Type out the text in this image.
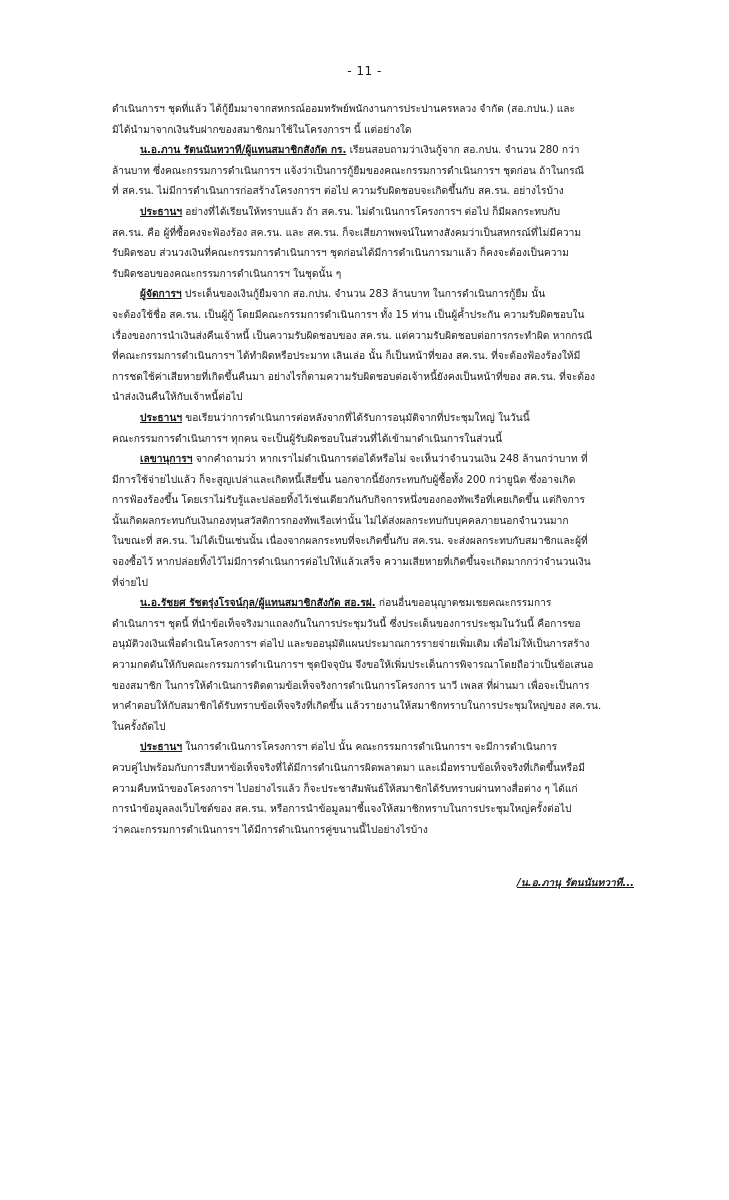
- 11 -
ดำเนินการฯ ชุดที่แล้ว ได้กู้ยืมมาจากสหกรณ์ออมทรัพย์พนักงานการประปานครหลวง จำกัด (สอ.กปน.) และ
มิได้นำมาจากเงินรับฝากของสมาชิกมาใช้ในโครงการฯ นี้ แต่อย่างใด
น.อ.ภาน รัตนนันทวาที/ผู้แทนสมาชิกสังกัด กร. เรียนสอบถามว่าเงินกู้จาก สอ.กปน. จำนวน 280 กว่า
ล้านบาท ซึ่งคณะกรรมการดำเนินการฯ แจ้งว่าเป็นการกู้ยืมของคณะกรรมการดำเนินการฯ ชุดก่อน ถ้าในกรณี
ที่ สค.รน. ไม่มีการดำเนินการก่อสร้างโครงการฯ ต่อไป ความรับผิดชอบจะเกิดขึ้นกับ สค.รน. อย่างไรบ้าง
ประธานฯ อย่างที่ได้เรียนให้ทราบแล้ว ถ้า สค.รน. ไม่ดำเนินการโครงการฯ ต่อไป ก็มีผลกระทบกับ
สค.รน. คือ ผู้ที่ซื้อคงจะฟ้องร้อง สค.รน. และ สค.รน. ก็จะเสียภาพพจน์ในทางสังคมว่าเป็นสหกรณ์ที่ไม่มีความ
รับผิดชอบ ส่วนวงเงินที่คณะกรรมการดำเนินการฯ ชุดก่อนได้มีการดำเนินการมาแล้ว ก็คงจะต้องเป็นความ
รับผิดชอบของคณะกรรมการดำเนินการฯ ในชุดนั้น ๆ
ผู้จัดการฯ ประเด็นของเงินกู้ยืมจาก สอ.กปน. จำนวน 283 ล้านบาท ในการดำเนินการกู้ยืม นั้น
จะต้องใช้ชื่อ สค.รน. เป็นผู้กู้ โดยมีคณะกรรมการดำเนินการฯ ทั้ง 15 ท่าน เป็นผู้ค้ำประกัน ความรับผิดชอบใน
เรื่องของการนำเงินส่งคืนเจ้าหนี้ เป็นความรับผิดชอบของ สค.รน. แต่ความรับผิดชอบต่อการกระทำผิด หากกรณี
ที่คณะกรรมการดำเนินการฯ ได้ทำผิดหรือประมาท เลินเล่อ นั้น ก็เป็นหน้าที่ของ สค.รน. ที่จะต้องฟ้องร้องให้มี
การชดใช้ค่าเสียหายที่เกิดขึ้นคืนมา อย่างไรก็ตามความรับผิดชอบต่อเจ้าหนี้ยังคงเป็นหน้าที่ของ สค.รน. ที่จะต้อง
นำส่งเงินคืนให้กับเจ้าหนี้ต่อไป
ประธานฯ ขอเรียนว่าการดำเนินการต่อหลังจากที่ได้รับการอนุมัติจากที่ประชุมใหญ่ ในวันนี้
คณะกรรมการดำเนินการฯ ทุกคน จะเป็นผู้รับผิดชอบในส่วนที่ได้เข้ามาดำเนินการในส่วนนี้
เลขานุการฯ จากคำถามว่า หากเราไม่ดำเนินการต่อได้หรือไม่ จะเห็นว่าจำนวนเงิน 248 ล้านกว่าบาท ที่
มีการใช้จ่ายไปแล้ว ก็จะสูญเปล่าและเกิดหนี้เสียขึ้น นอกจากนี้ยังกระทบกับผู้ซื้อทั้ง 200 กว่ายูนิต ซึ่งอาจเกิด
การฟ้องร้องขึ้น โดยเราไม่รับรู้และปล่อยทิ้งไว้เช่นเดียวกันกับกิจการหนึ่งของกองทัพเรือที่เคยเกิดขึ้น แต่กิจการ
นั้นเกิดผลกระทบกับเงินกองทุนสวัสดิการกองทัพเรือเท่านั้น ไม่ได้ส่งผลกระทบกับบุคคลภายนอกจำนวนมาก
ในขณะที่ สค.รน. ไม่ได้เป็นเช่นนั้น เนื่องจากผลกระทบที่จะเกิดขึ้นกับ สค.รน. จะส่งผลกระทบกับสมาชิกและผู้ที่
จองซื้อไว้ หากปล่อยทิ้งไว้ไม่มีการดำเนินการต่อไปให้แล้วเสร็จ ความเสียหายที่เกิดขึ้นจะเกิดมากกว่าจำนวนเงิน
ที่จ่ายไป
น.อ.รัชยศ รัชตรุ่งโรจน์กุล/ผู้แทนสมาชิกสังกัด สอ.รฝ. ก่อนอื่นขออนุญาตชมเชยคณะกรรมการ
ดำเนินการฯ ชุดนี้ ที่นำข้อเท็จจริงมาแถลงกันในการประชุมวันนี้ ซึ่งประเด็นของการประชุมในวันนี้ คือการขอ
อนุมัติวงเงินเพื่อดำเนินโครงการฯ ต่อไป และขออนุมัติแผนประมาณการรายจ่ายเพิ่มเติม เพื่อไม่ให้เป็นการสร้าง
ความกดดันให้กับคณะกรรมการดำเนินการฯ ชุดปัจจุบัน จึงขอให้เพิ่มประเด็นการพิจารณาโดยถือว่าเป็นข้อเสนอ
ของสมาชิก ในการให้ดำเนินการติดตามข้อเท็จจริงการดำเนินการโครงการ นาวี เพลส ที่ผ่านมา เพื่อจะเป็นการ
หาคำตอบให้กับสมาชิกได้รับทราบข้อเท็จจริงที่เกิดขึ้น แล้วรายงานให้สมาชิกทราบในการประชุมใหญ่ของ สค.รน.
ในครั้งถัดไป
ประธานฯ ในการดำเนินการโครงการฯ ต่อไป นั้น คณะกรรมการดำเนินการฯ จะมีการดำเนินการ
ควบคู่ไปพร้อมกับการสืบหาข้อเท็จจริงที่ได้มีการดำเนินการผิดพลาดมา และเมื่อทราบข้อเท็จจริงที่เกิดขึ้นหรือมี
ความคืบหน้าของโครงการฯ ไปอย่างไรแล้ว ก็จะประชาสัมพันธ์ให้สมาชิกได้รับทราบผ่านทางสื่อต่าง ๆ ได้แก่
การนำข้อมูลลงเว็บไซต์ของ สค.รน. หรือการนำข้อมูลมาชี้แจงให้สมาชิกทราบในการประชุมใหญ่ครั้งต่อไป
ว่าคณะกรรมการดำเนินการฯ ได้มีการดำเนินการคู่ขนานนี้ไปอย่างไรบ้าง
/น.อ.ภานุ รัตนนันทวาที...
